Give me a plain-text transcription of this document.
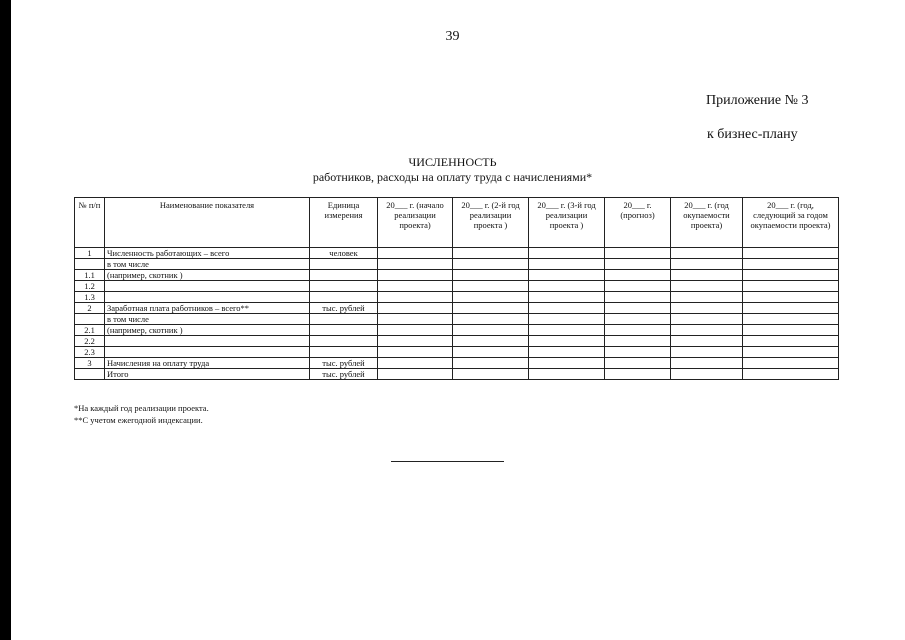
39
Приложение № 3
к бизнес-плану
ЧИСЛЕННОСТЬ
работников, расходы на оплату труда с начислениями*
№ п/п	Наименование показателя	Единица измерения	20___ г. (начало реализации проекта)	20___ г. (2-й год реализации проекта )	20___ г. (3-й год реализации проекта )	20___ г. (прогноз)	20___ г. (год окупаемости проекта)	20___ г. (год, следующий за годом окупаемости проекта)
1	Численность работающих – всего	человек						
	в том числе							
1.1	(например, скотник )							
1.2								
1.3								
2	Заработная плата работников – всего**	тыс. рублей						
	в том числе							
2.1	(например, скотник )							
2.2								
2.3								
3	Начисления на оплату труда	тыс. рублей						
	Итого	тыс. рублей						
*На каждый год реализации проекта.
**С учетом ежегодной индексации.
